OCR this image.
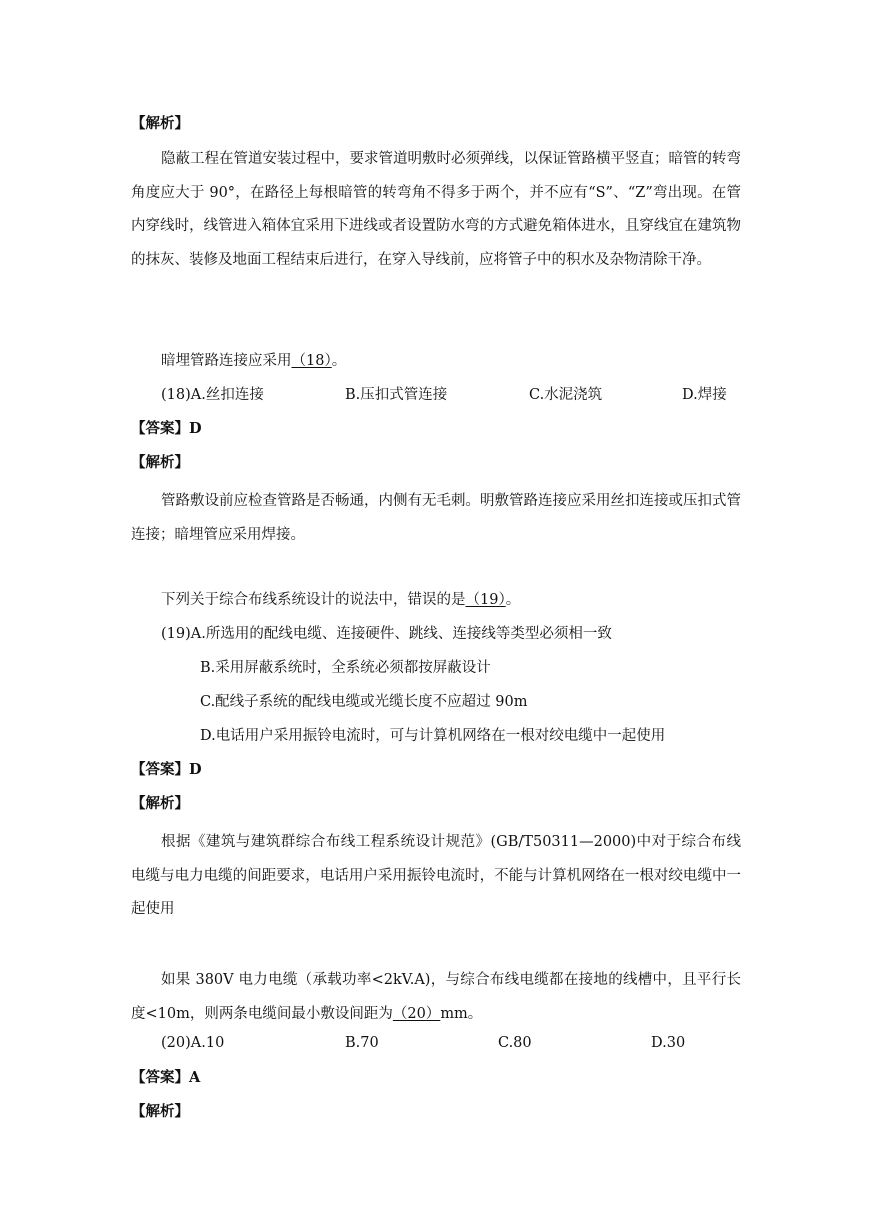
【解析】
隐蔽工程在管道安装过程中，要求管道明敷时必须弹线，以保证管路横平竖直；暗管的转弯角度应大于 90°，在路径上每根暗管的转弯角不得多于两个，并不应有“S”、“Z”弯出现。在管内穿线时，线管进入箱体宜采用下进线或者设置防水弯的方式避免箱体进水，且穿线宜在建筑物的抹灰、装修及地面工程结束后进行，在穿入导线前，应将管子中的积水及杂物清除干净。
暗埋管路连接应采用（18）。
(18)A.丝扣连接	B.压扣式管连接	C.水泥浇筑	D.焊接
【答案】D
【解析】
管路敷设前应检查管路是否畅通，内侧有无毛刺。明敷管路连接应采用丝扣连接或压扣式管连接；暗埋管应采用焊接。
下列关于综合布线系统设计的说法中，错误的是（19）。
(19)A.所选用的配线电缆、连接硬件、跳线、连接线等类型必须相一致
B.采用屏蔽系统时，全系统必须都按屏蔽设计
C.配线子系统的配线电缆或光缆长度不应超过 90m
D.电话用户采用振铃电流时，可与计算机网络在一根对绞电缆中一起使用
【答案】D
【解析】
根据《建筑与建筑群综合布线工程系统设计规范》(GB/T50311—2000)中对于综合布线电缆与电力电缆的间距要求，电话用户采用振铃电流时，不能与计算机网络在一根对绞电缆中一起使用
如果 380V 电力电缆（承载功率<2kV.A)，与综合布线电缆都在接地的线槽中，且平行长度<10m，则两条电缆间最小敷设间距为（20）mm。
(20)A.10	B.70	C.80	D.30
【答案】A
【解析】
